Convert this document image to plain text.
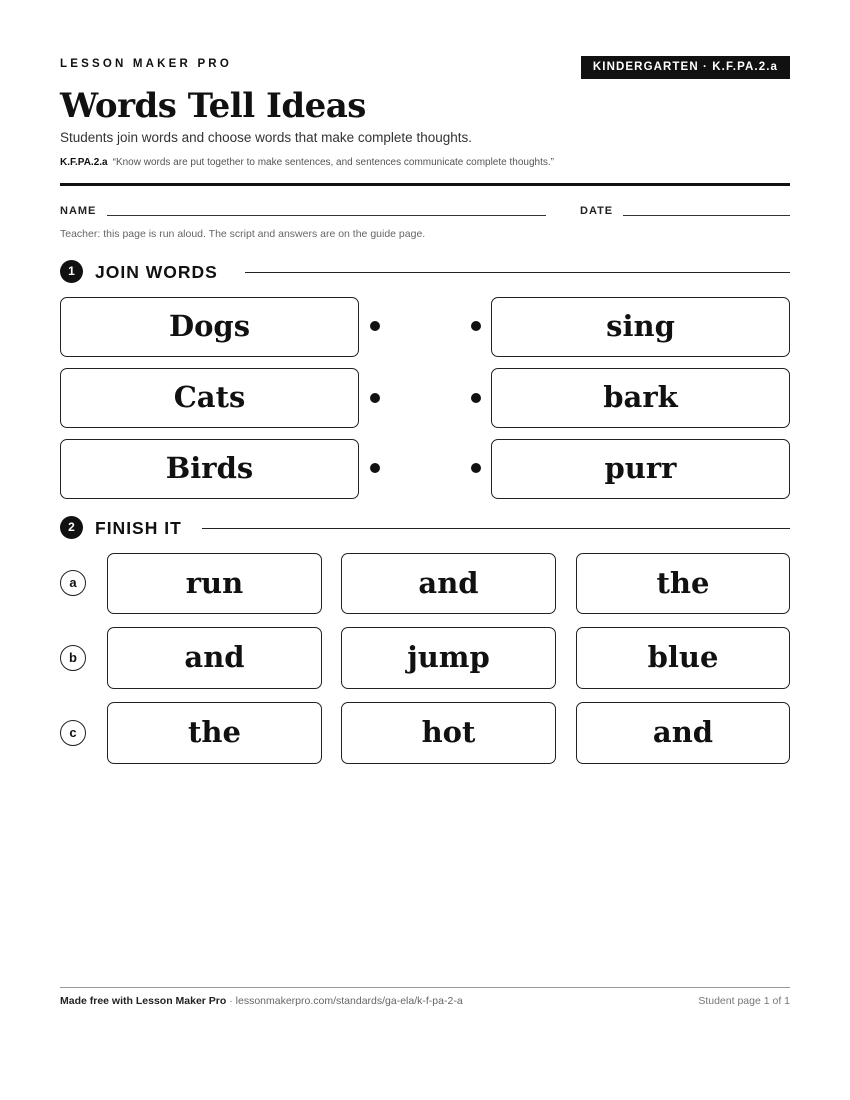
LESSON MAKER PRO	KINDERGARTEN · K.F.PA.2.a
Words Tell Ideas
Students join words and choose words that make complete thoughts.
K.F.PA.2.a “Know words are put together to make sentences, and sentences communicate complete thoughts.”
NAME	DATE
Teacher: this page is run aloud. The script and answers are on the guide page.
1	JOIN WORDS
Dogs	sing
Cats	bark
Birds	purr
2	FINISH IT
a	run	and	the
b	and	jump	blue
c	the	hot	and
Made free with Lesson Maker Pro · lessonmakerpro.com/standards/ga-ela/k-f-pa-2-a	Student page 1 of 1
